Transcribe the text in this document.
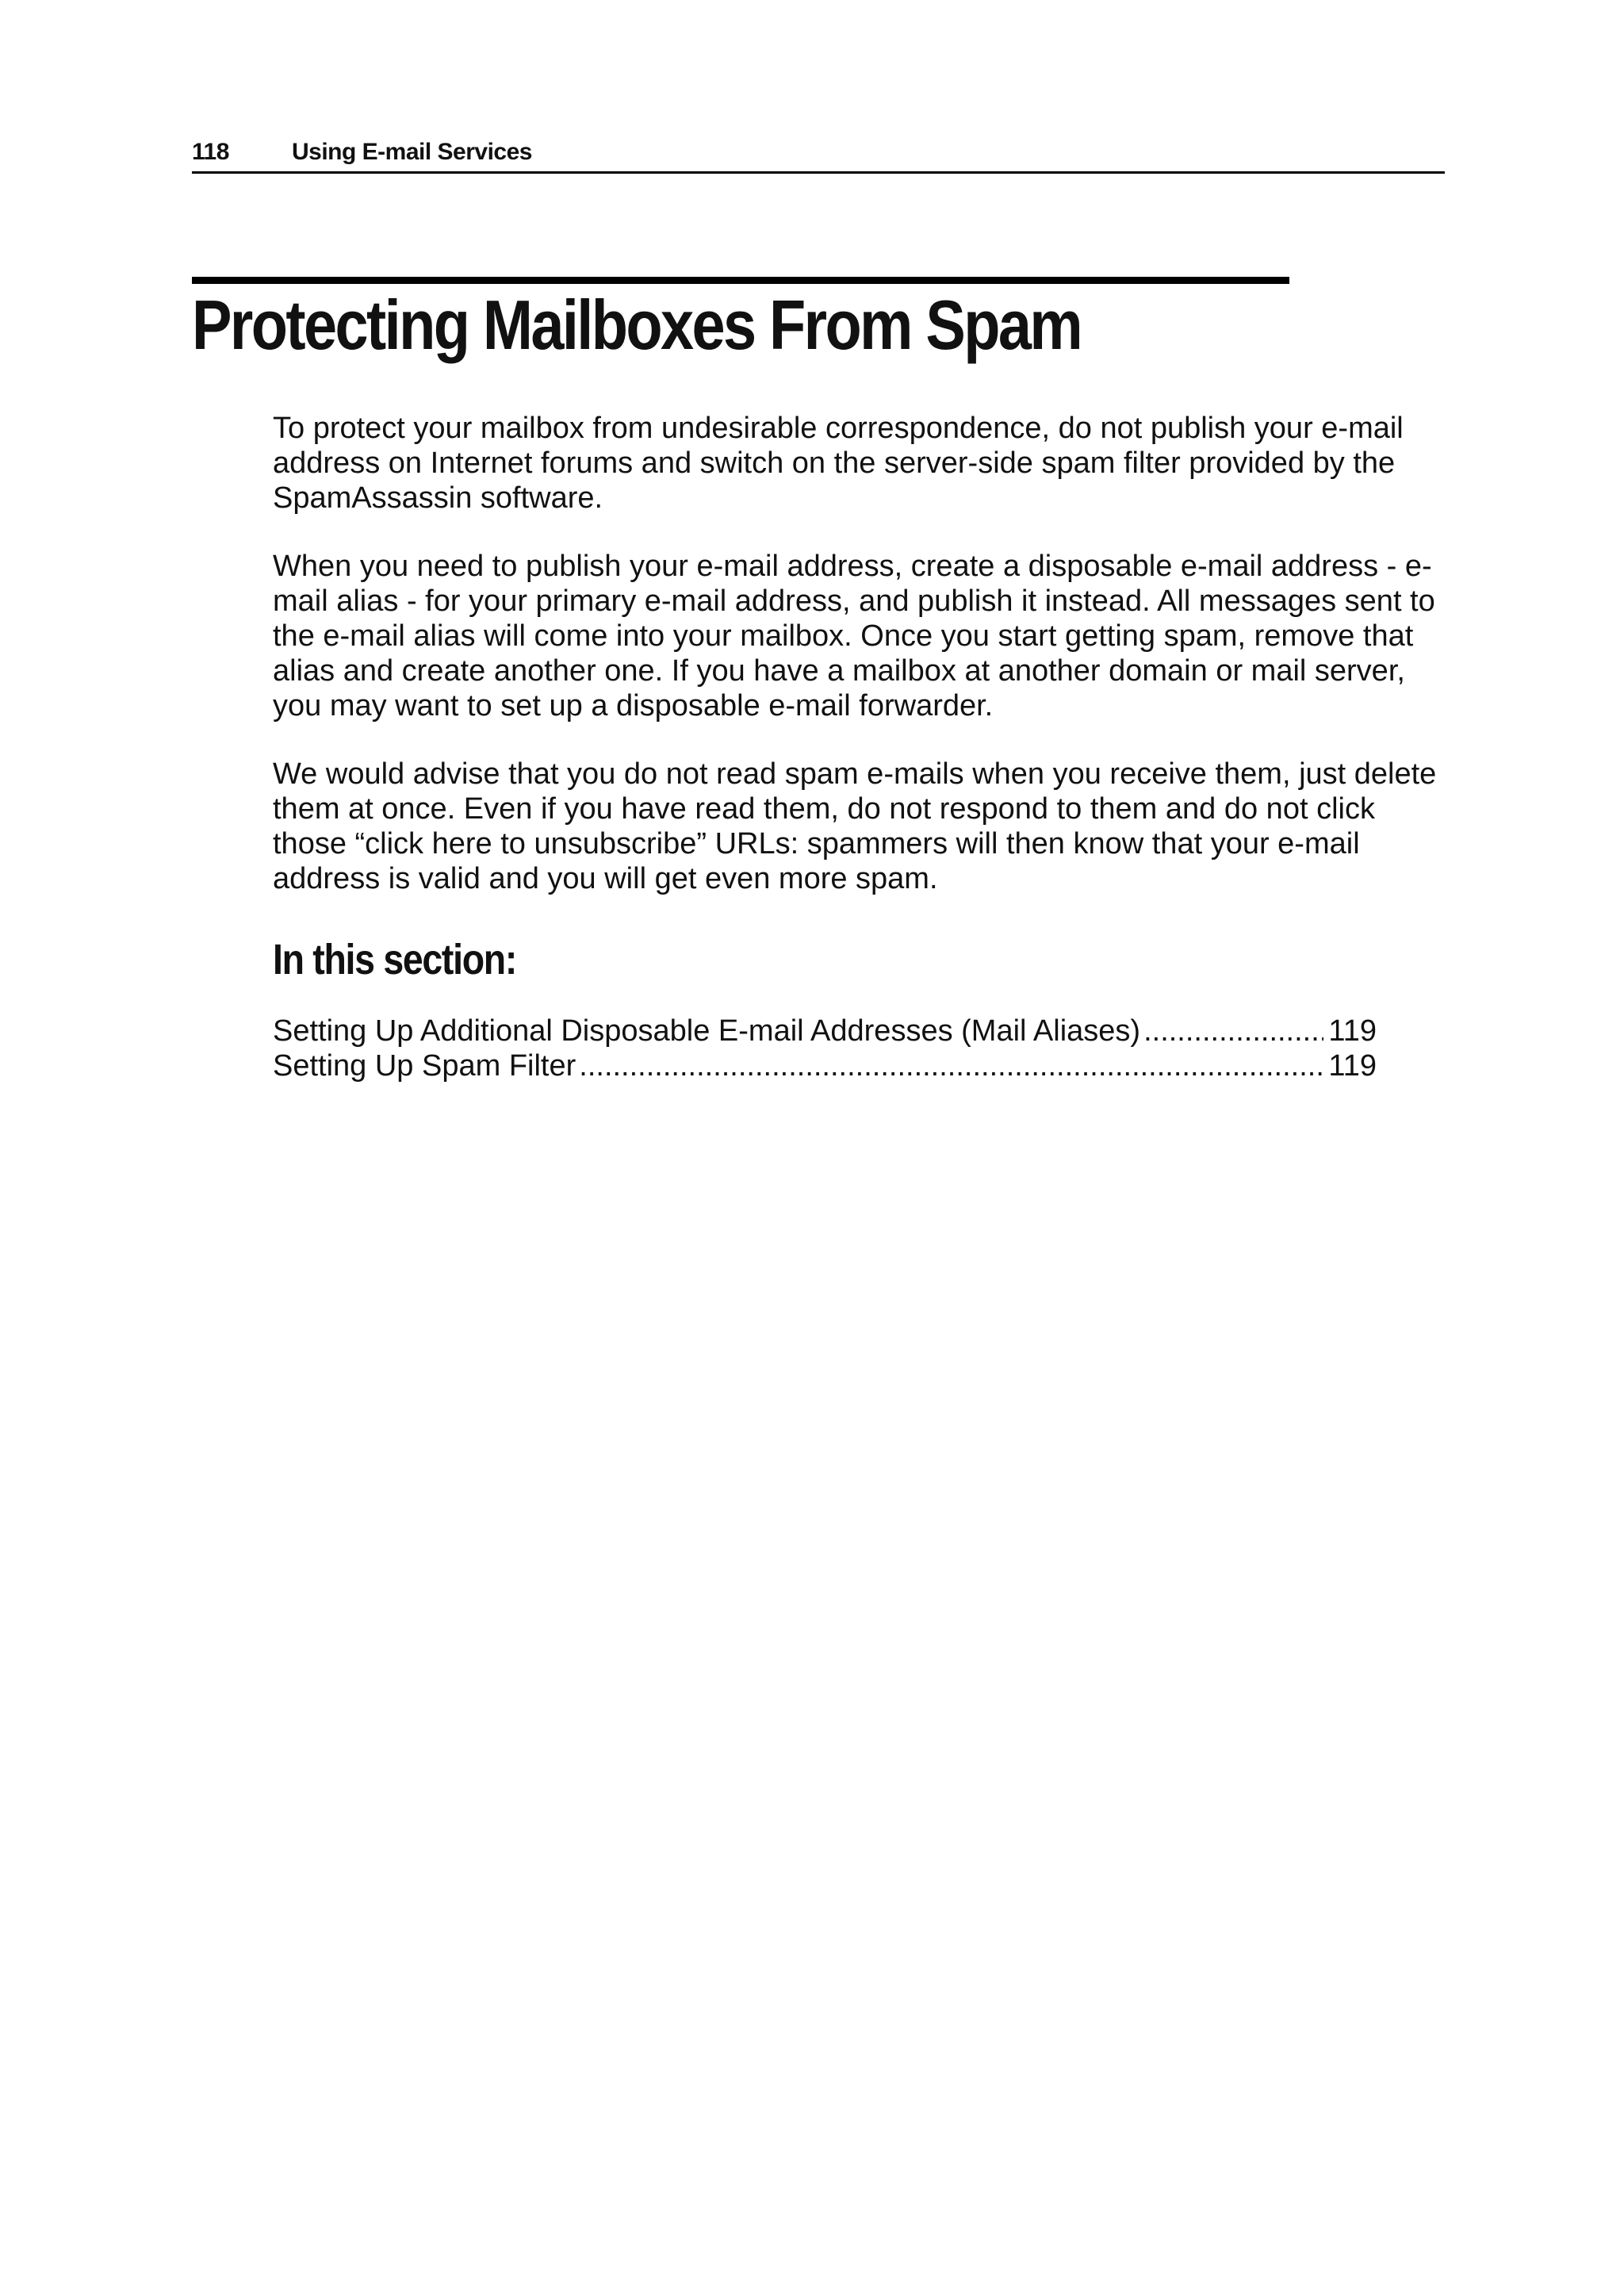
118	Using E-mail Services
Protecting Mailboxes From Spam

To protect your mailbox from undesirable correspondence, do not publish your e-mail address on Internet forums and switch on the server-side spam filter provided by the SpamAssassin software.

When you need to publish your e-mail address, create a disposable e-mail address - e-mail alias - for your primary e-mail address, and publish it instead. All messages sent to the e-mail alias will come into your mailbox. Once you start getting spam, remove that alias and create another one. If you have a mailbox at another domain or mail server, you may want to set up a disposable e-mail forwarder.

We would advise that you do not read spam e-mails when you receive them, just delete them at once. Even if you have read them, do not respond to them and do not click those “click here to unsubscribe” URLs: spammers will then know that your e-mail address is valid and you will get even more spam.

In this section:
Setting Up Additional Disposable E-mail Addresses (Mail Aliases) .....	119
Setting Up Spam Filter .....	119
